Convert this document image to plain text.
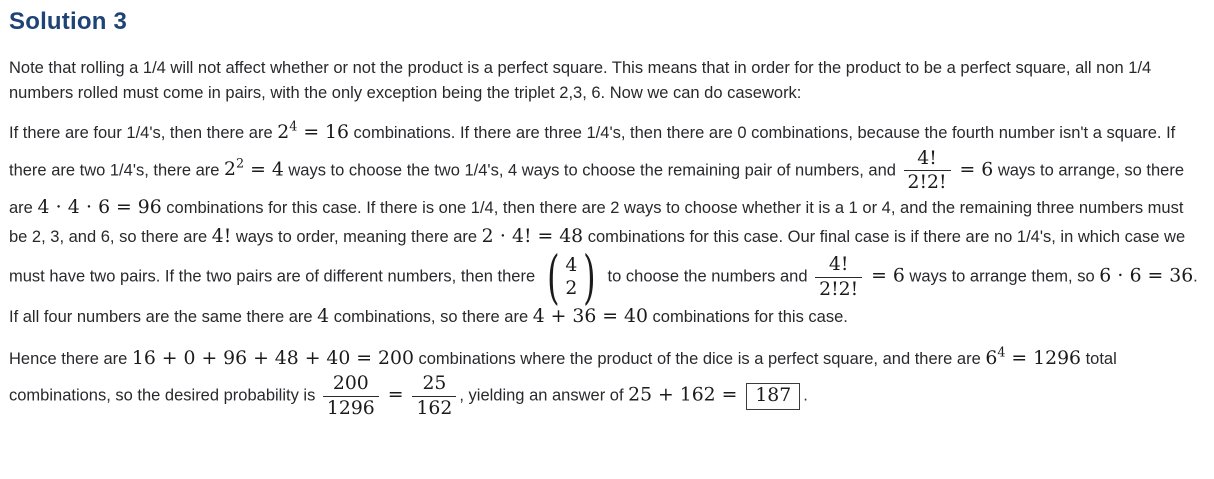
Solution 3

Note that rolling a 1/4 will not affect whether or not the product is a perfect square. This means that in order for the product to be a perfect square, all non 1/4 numbers rolled must come in pairs, with the only exception being the triplet 2,3, 6. Now we can do casework:

If there are four 1/4's, then there are $2^4 = 16$ combinations. If there are three 1/4's, then there are 0 combinations, because the fourth number isn't a square. If there are two 1/4's, there are $2^2 = 4$ ways to choose the two 1/4's, 4 ways to choose the remaining pair of numbers, and $\frac{4!}{2!2!} = 6$ ways to arrange, so there are 4 ⋅ 4 ⋅ 6 = 96 combinations for this case. If there is one 1/4, then there are 2 ways to choose whether it is a 1 or 4, and the remaining three numbers must be 2, 3, and 6, so there are 4! ways to order, meaning there are 2 ⋅ 4! = 48 combinations for this case. Our final case is if there are no 1/4's, in which case we must have two pairs. If the two pairs are of different numbers, then there ( 4
2 ) to choose the numbers and $\frac{4!}{2!2!} = 6$ ways to arrange them, so 6 ⋅ 6 = 36. If all four numbers are the same there are 4 combinations, so there are 4 + 36 = 40 combinations for this case.

Hence there are 16 + 0 + 96 + 48 + 40 = 200 combinations where the product of the dice is a perfect square, and there are $6^4 = 1296$ total combinations, so the desired probability is $\frac{200}{1296} = \frac{25}{162}$ , yielding an answer of 25 + 162 = 187 .
